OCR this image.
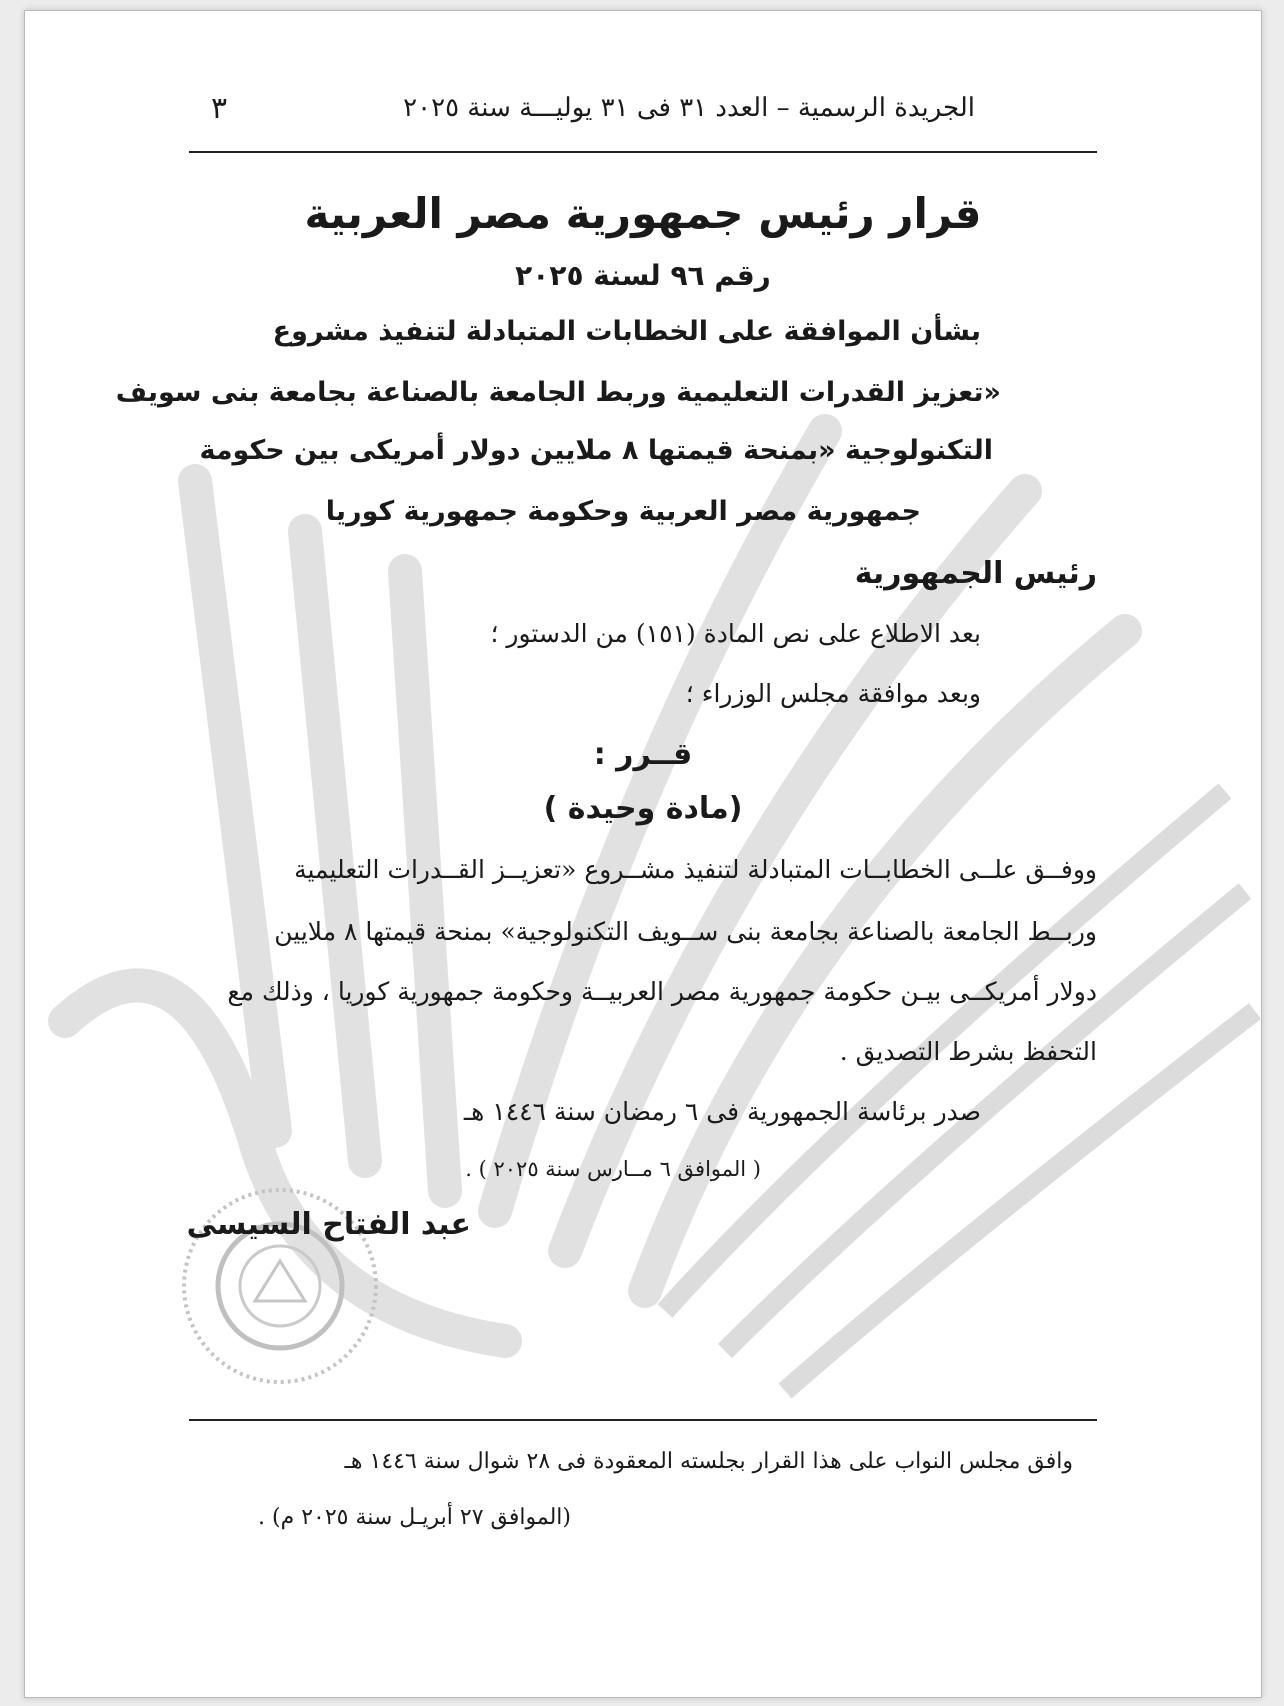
الجريدة الرسمية – العدد ٣١ فى ٣١ يوليـــة سنة ٢٠٢٥
٣
قرار رئيس جمهورية مصر العربية
رقم ٩٦ لسنة ٢٠٢٥
بشأن الموافقة على الخطابات المتبادلة لتنفيذ مشروع
«تعزيز القدرات التعليمية وربط الجامعة بالصناعة بجامعة بنى سويف
التكنولوجية «بمنحة قيمتها ٨ ملايين دولار أمريكى بين حكومة
جمهورية مصر العربية وحكومة جمهورية كوريا
رئيس الجمهورية
بعد الاطلاع على نص المادة (١٥١) من الدستور ؛
وبعد موافقة مجلس الوزراء ؛
قــرر :
(مادة وحيدة )
ووفــق علــى الخطابــات المتبادلة لتنفيذ مشــروع «تعزيــز القــدرات التعليمية
وربــط الجامعة بالصناعة بجامعة بنى ســويف التكنولوجية» بمنحة قيمتها ٨ ملايين
دولار أمريكــى بيـن حكومة جمهورية مصر العربيــة وحكومة جمهورية كوريا ، وذلك مع
التحفظ بشرط التصديق .
صدر برئاسة الجمهورية فى ٦ رمضان سنة ١٤٤٦ هـ
( الموافق ٦ مــارس سنة ٢٠٢٥ ) .
عبد الفتاح السيسى
وافق مجلس النواب على هذا القرار بجلسته المعقودة فى ٢٨ شوال سنة ١٤٤٦ هـ
(الموافق ٢٧ أبريـل سنة ٢٠٢٥ م) .
